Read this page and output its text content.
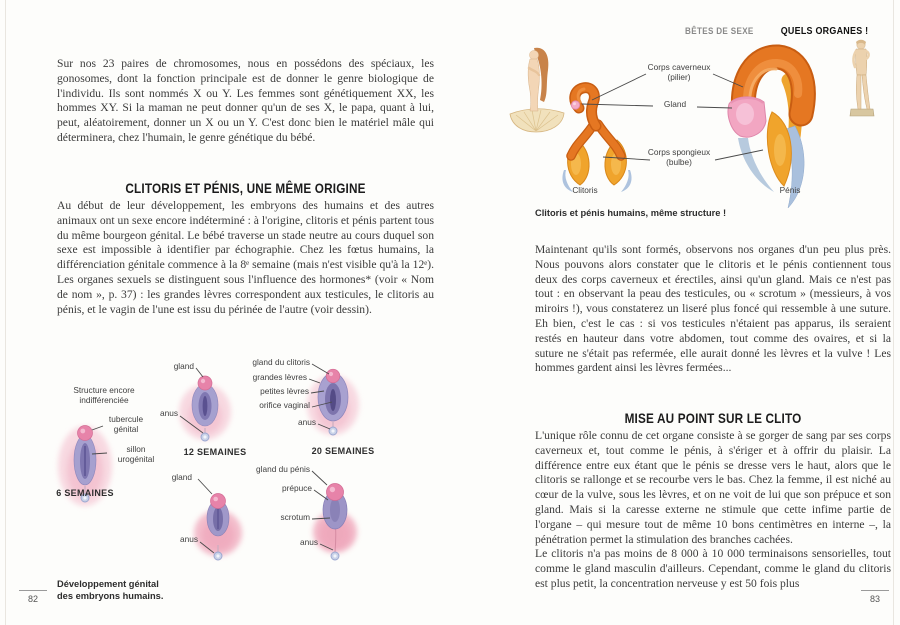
BÊTES DE SEXE	QUELS ORGANES !

Sur nos 23 paires de chromosomes, nous en possédons des spéciaux, les gonosomes, dont la fonction principale est de donner le genre biologique de l'individu. Ils sont nommés X ou Y. Les femmes sont génétiquement XX, les hommes XY. Si la maman ne peut donner qu'un de ses X, le papa, quant à lui, peut, aléatoirement, donner un X ou un Y. C'est donc bien le matériel mâle qui déterminera, chez l'humain, le genre génétique du bébé.

CLITORIS ET PÉNIS, UNE MÊME ORIGINE

Au début de leur développement, les embryons des humains et des autres animaux ont un sexe encore indéterminé : à l'origine, clitoris et pénis partent tous du même bourgeon génital. Le bébé traverse un stade neutre au cours duquel son sexe est impossible à identifier par échographie. Chez les fœtus humains, la différenciation génitale commence à la 8ᵉ semaine (mais n'est visible qu'à la 12ᵉ). Les organes sexuels se distinguent sous l'influence des hormones* (voir « Nom de nom », p. 37) : les grandes lèvres correspondent aux testicules, le clitoris au pénis, et le vagin de l'une est issu du périnée de l'autre (voir dessin).

Structure encore
indifférenciée
tubercule
génital
sillon
urogénital
6 SEMAINES
gland
anus
12 SEMAINES
gland
anus
gland du clitoris
grandes lèvres
petites lèvres
orifice vaginal
anus
20 SEMAINES
gland du pénis
prépuce
scrotum
anus
Développement génital
des embryons humains.
82
Corps caverneux
(pilier)
Gland
Corps spongieux
(bulbe)
Clitoris	Pénis
Clitoris et pénis humains, même structure !

Maintenant qu'ils sont formés, observons nos organes d'un peu plus près. Nous pouvons alors constater que le clitoris et le pénis contiennent tous deux des corps caverneux et érectiles, ainsi qu'un gland. Mais ce n'est pas tout : en observant la peau des testicules, ou « scrotum » (messieurs, à vos miroirs !), vous constaterez un liseré plus foncé qui ressemble à une suture. Eh bien, c'est le cas : si vos testicules n'étaient pas apparus, ils seraient restés en hauteur dans votre abdomen, tout comme des ovaires, et si la suture ne s'était pas refermée, elle aurait donné les lèvres et la vulve ! Les hommes gardent ainsi les lèvres fermées...

MISE AU POINT SUR LE CLITO

L'unique rôle connu de cet organe consiste à se gorger de sang par ses corps caverneux et, tout comme le pénis, à s'ériger et à offrir du plaisir. La différence entre eux étant que le pénis se dresse vers le haut, alors que le clitoris se rallonge et se recourbe vers le bas. Chez la femme, il est niché au cœur de la vulve, sous les lèvres, et on ne voit de lui que son prépuce et son gland. Mais si la caresse externe ne stimule que cette infime partie de l'organe – qui mesure tout de même 10 bons centimètres en interne –, la pénétration permet la stimulation des branches cachées.

Le clitoris n'a pas moins de 8 000 à 10 000 terminaisons sensorielles, tout comme le gland masculin d'ailleurs. Cependant, comme le gland du clitoris est plus petit, la concentration nerveuse y est 50 fois plus

83
